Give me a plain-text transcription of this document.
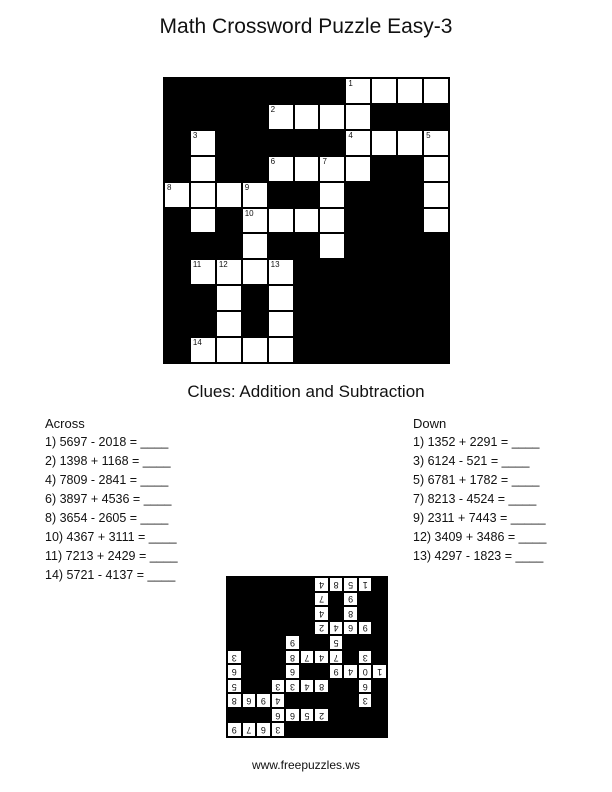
Math Crossword Puzzle Easy-3
1
2
3	4	5
6	7
8	9
10
11 12	13
14
Clues: Addition and Subtraction
Across
1) 5697 - 2018 = ____
2) 1398 + 1168 = ____
4) 7809 - 2841 = ____
6) 3897 + 4536 = ____
8) 3654 - 2605 = ____
10) 4367 + 3111 = ____
11) 7213 + 2429 = ____
14) 5721 - 4137 = ____
Down
1) 1352 + 2291 = ____
3) 6124 - 521 = ____
5) 6781 + 1782 = ____
7) 8213 - 4524 = ____
9) 2311 + 7443 = _____
12) 3409 + 3486 = ____
13) 4297 - 1823 = ____
3
6
7
9
2
5
6
6
3
4
9
6
8
6
8
4
3
3
5
1
0
4
9
6
6
3
7
4
7
8
3
5
9
9
6
4
2
8
4
9
7
1
5
8
4

www.freepuzzles.ws
